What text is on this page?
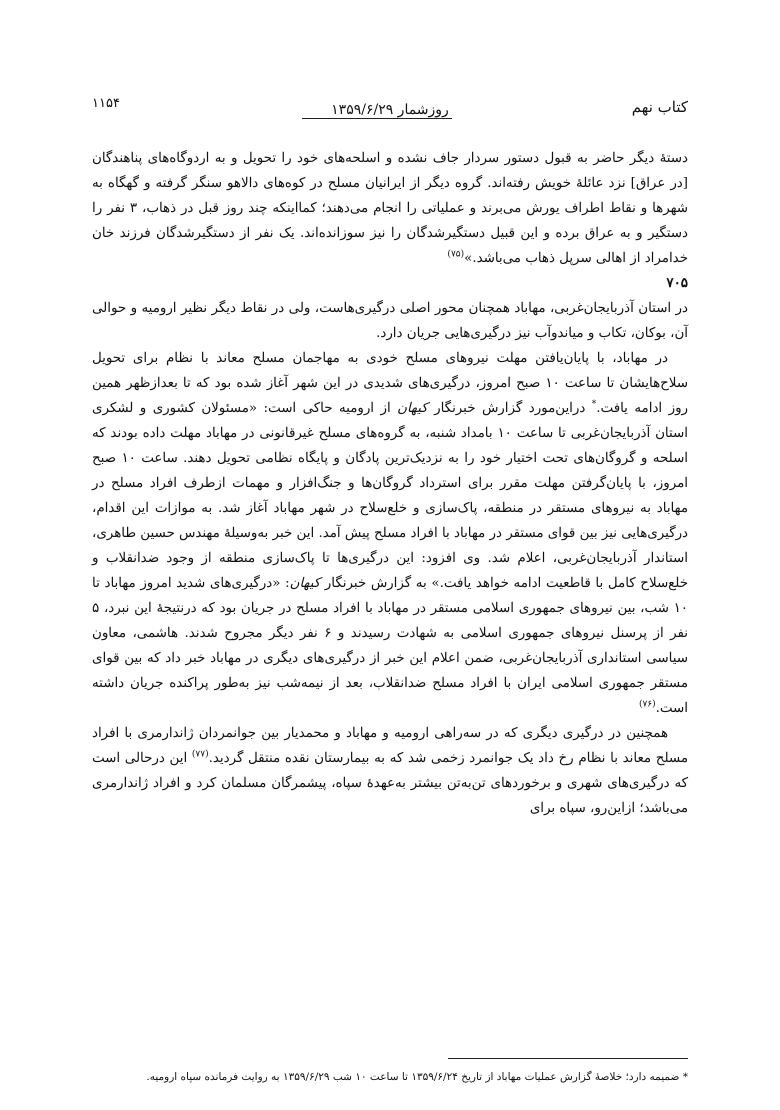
۱۱۵۴	روزشمار ۱۳۵۹/۶/۲۹	کتاب نهم

دستهٔ دیگر حاضر به قبول دستور سردار جاف نشده و اسلحه‌های خود را تحویل و به اردوگاه‌های پناهندگان [در عراق] نزد عائلهٔ خویش رفته‌اند. گروه دیگر از ایرانیان مسلح در کوه‌های دالاهو سنگر گرفته و گهگاه به شهرها و نقاط اطراف یورش می‌برند و عملیاتی را انجام می‌دهند؛ کمااینکه چند روز قبل در ذهاب، ۳ نفر را دستگیر و به عراق برده و این قبیل دستگیرشدگان را نیز سوزانده‌اند. یک نفر از دستگیرشدگان فرزند خان خدامراد از اهالی سرپل ذهاب می‌باشد.»$^{(۷۵)}$

۷۰۵

در استان آذربایجان‌غربی، مهاباد همچنان محور اصلی درگیری‌هاست، ولی در نقاط دیگر نظیر ارومیه و حوالی آن، بوکان، تکاب و میاندوآب نیز درگیری‌هایی جریان دارد.

در مهاباد، با پایان‌یافتن مهلت نیروهای مسلح خودی به مهاجمان مسلح معاند با نظام برای تحویل سلاح‌هایشان تا ساعت ۱۰ صبح امروز، درگیری‌های شدیدی در این شهر آغاز شده بود که تا بعدازظهر همین روز ادامه یافت.* دراین‌مورد گزارش خبرنگار کیهان از ارومیه حاکی است: «مسئولان کشوری و لشکری استان آذربایجان‌غربی تا ساعت ۱۰ بامداد شنبه، به گروه‌های مسلح غیرقانونی در مهاباد مهلت داده بودند که اسلحه و گروگان‌های تحت اختیار خود را به نزدیک‌ترین پادگان و پایگاه نظامی تحویل دهند. ساعت ۱۰ صبح امروز، با پایان‌گرفتن مهلت مقرر برای استرداد گروگان‌ها و جنگ‌افزار و مهمات ازطرف افراد مسلح در مهاباد به نیروهای مستقر در منطقه، پاک‌سازی و خلع‌سلاح در شهر مهاباد آغاز شد. به موازات این اقدام، درگیری‌هایی نیز بین قوای مستقر در مهاباد با افراد مسلح پیش آمد. این خبر به‌وسیلهٔ مهندس حسین طاهری، استاندار آذربایجان‌غربی، اعلام شد. وی افزود: این درگیری‌ها تا پاک‌سازی منطقه از وجود ضدانقلاب و خلع‌سلاح کامل با قاطعیت ادامه خواهد یافت.» به گزارش خبرنگار کیهان: «درگیری‌های شدید امروز مهاباد تا ۱۰ شب، بین نیروهای جمهوری اسلامی مستقر در مهاباد با افراد مسلح در جریان بود که درنتیجهٔ این نبرد، ۵ نفر از پرسنل نیروهای جمهوری اسلامی به شهادت رسیدند و ۶ نفر دیگر مجروح شدند. هاشمی، معاون سیاسی استانداری آذربایجان‌غربی، ضمن اعلام این خبر از درگیری‌های دیگری در مهاباد خبر داد که بین قوای مستقر جمهوری اسلامی ایران با افراد مسلح ضدانقلاب، بعد از نیمه‌شب نیز به‌طور پراکنده جریان داشته است.$^{(۷۶)}$

همچنین در درگیری دیگری که در سه‌راهی ارومیه و مهاباد و محمدیار بین جوانمردان ژاندارمری با افراد مسلح معاند با نظام رخ داد یک جوانمرد زخمی شد که به بیمارستان نقده منتقل گردید.$^{(۷۷)}$ این درحالی است که درگیری‌های شهری و برخوردهای تن‌به‌تن بیشتر به‌عهدهٔ سپاه، پیشمرگان مسلمان کرد و افراد ژاندارمری می‌باشد؛ ازاین‌رو، سپاه برای

* ضمیمه دارد؛ خلاصهٔ گزارش عملیات مهاباد از تاریخ ۱۳۵۹/۶/۲۴ تا ساعت ۱۰ شب ۱۳۵۹/۶/۲۹ به روایت فرمانده سپاه ارومیه.
